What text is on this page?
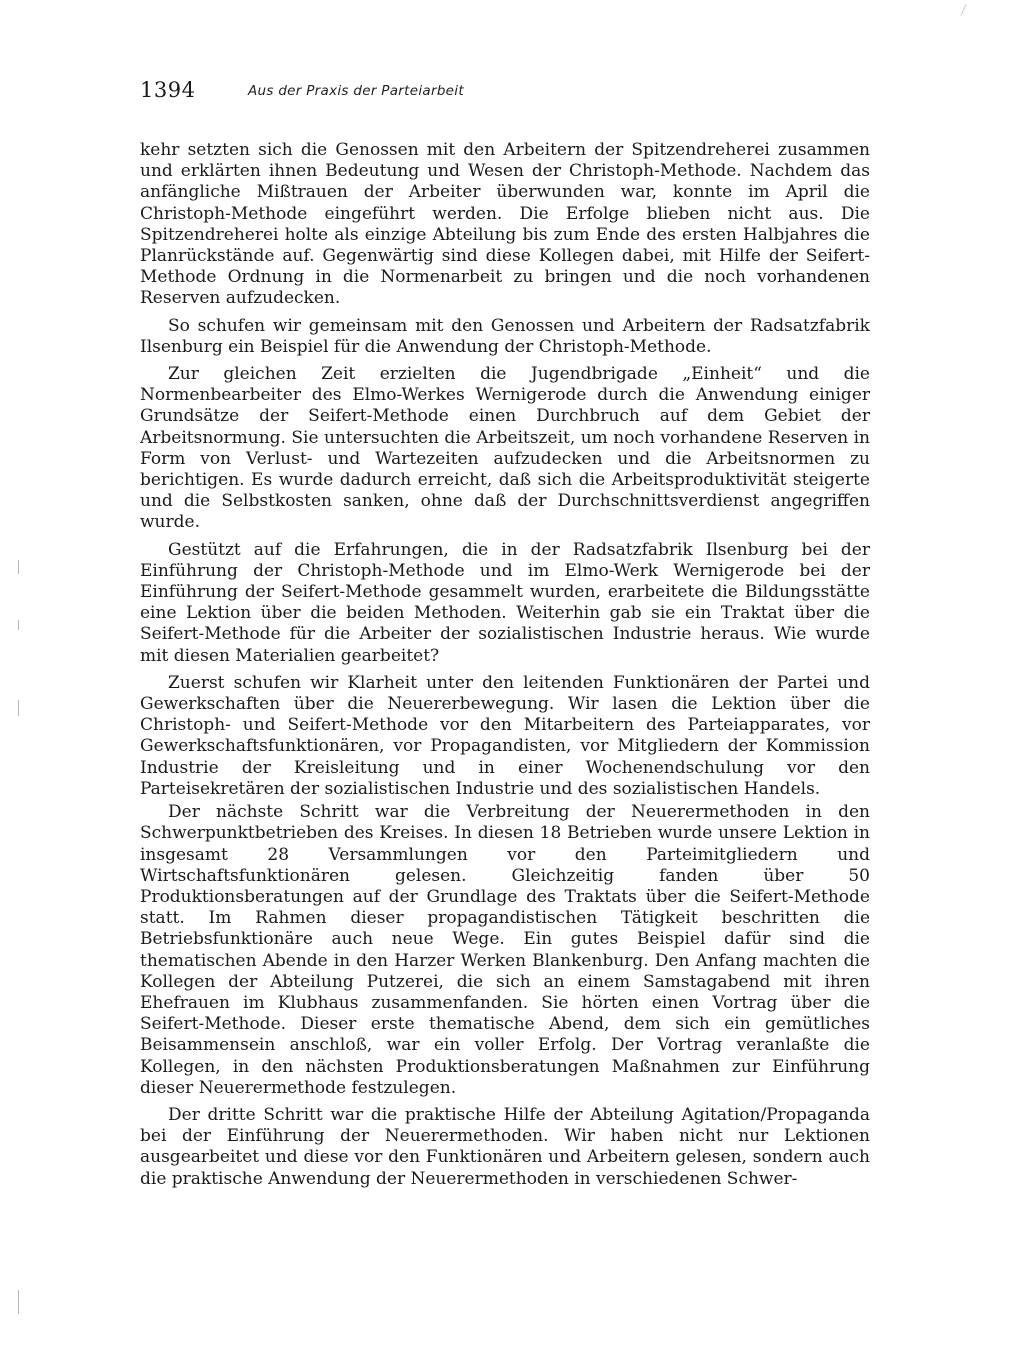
1394	Aus der Praxis der Parteiarbeit

kehr setzten sich die Genossen mit den Arbeitern der Spitzendreherei zusammen und erklärten ihnen Bedeutung und Wesen der Christoph-Methode. Nachdem das anfängliche Mißtrauen der Arbeiter überwunden war, konnte im April die Christoph-Methode eingeführt werden. Die Erfolge blieben nicht aus. Die Spitzendreherei holte als einzige Abteilung bis zum Ende des ersten Halbjahres die Planrückstände auf. Gegenwärtig sind diese Kollegen dabei, mit Hilfe der Seifert-Methode Ordnung in die Normenarbeit zu bringen und die noch vorhandenen Reserven aufzudecken.

So schufen wir gemeinsam mit den Genossen und Arbeitern der Radsatzfabrik Ilsenburg ein Beispiel für die Anwendung der Christoph-Methode.

Zur gleichen Zeit erzielten die Jugendbrigade „Einheit“ und die Normenbearbeiter des Elmo-Werkes Wernigerode durch die Anwendung einiger Grundsätze der Seifert-Methode einen Durchbruch auf dem Gebiet der Arbeitsnormung. Sie untersuchten die Arbeitszeit, um noch vorhandene Reserven in Form von Verlust- und Wartezeiten aufzudecken und die Arbeitsnormen zu berichtigen. Es wurde dadurch erreicht, daß sich die Arbeitsproduktivität steigerte und die Selbstkosten sanken, ohne daß der Durchschnittsverdienst angegriffen wurde.

Gestützt auf die Erfahrungen, die in der Radsatzfabrik Ilsenburg bei der Einführung der Christoph-Methode und im Elmo-Werk Wernigerode bei der Einführung der Seifert-Methode gesammelt wurden, erarbeitete die Bildungsstätte eine Lektion über die beiden Methoden. Weiterhin gab sie ein Traktat über die Seifert-Methode für die Arbeiter der sozialistischen Industrie heraus. Wie wurde mit diesen Materialien gearbeitet?

Zuerst schufen wir Klarheit unter den leitenden Funktionären der Partei und Gewerkschaften über die Neuererbewegung. Wir lasen die Lektion über die Christoph- und Seifert-Methode vor den Mitarbeitern des Parteiapparates, vor Gewerkschaftsfunktionären, vor Propagandisten, vor Mitgliedern der Kommission Industrie der Kreisleitung und in einer Wochenendschulung vor den Parteisekretären der sozialistischen Industrie und des sozialistischen Handels.

Der nächste Schritt war die Verbreitung der Neuerermethoden in den Schwerpunktbetrieben des Kreises. In diesen 18 Betrieben wurde unsere Lektion in insgesamt 28 Versammlungen vor den Parteimitgliedern und Wirtschaftsfunktionären gelesen. Gleichzeitig fanden über 50 Produktionsberatungen auf der Grundlage des Traktats über die Seifert-Methode statt. Im Rahmen dieser propagandistischen Tätigkeit beschritten die Betriebsfunktionäre auch neue Wege. Ein gutes Beispiel dafür sind die thematischen Abende in den Harzer Werken Blankenburg. Den Anfang machten die Kollegen der Abteilung Putzerei, die sich an einem Samstagabend mit ihren Ehefrauen im Klubhaus zusammenfanden. Sie hörten einen Vortrag über die Seifert-Methode. Dieser erste thematische Abend, dem sich ein gemütliches Beisammensein anschloß, war ein voller Erfolg. Der Vortrag veranlaßte die Kollegen, in den nächsten Produktionsberatungen Maßnahmen zur Einführung dieser Neuerermethode festzulegen.

Der dritte Schritt war die praktische Hilfe der Abteilung Agitation/Propaganda bei der Einführung der Neuerermethoden. Wir haben nicht nur Lektionen ausgearbeitet und diese vor den Funktionären und Arbeitern gelesen, sondern auch die praktische Anwendung der Neuerermethoden in verschiedenen Schwer-
